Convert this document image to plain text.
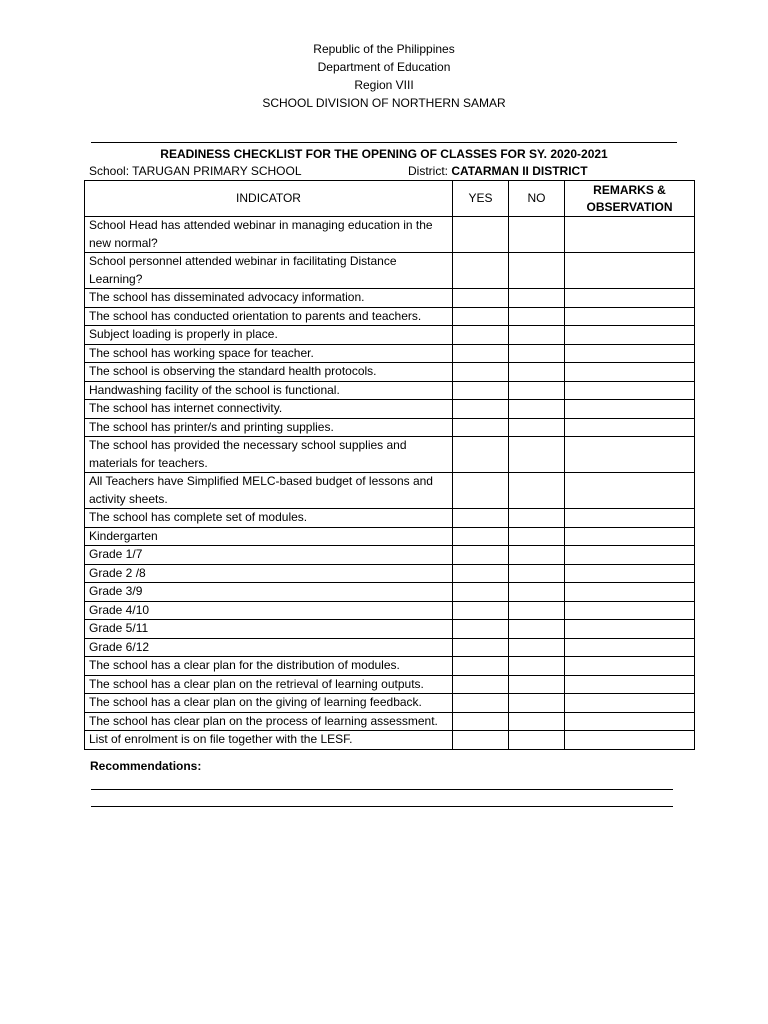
Republic of the Philippines
Department of Education
Region VIII
SCHOOL DIVISION OF NORTHERN SAMAR
READINESS CHECKLIST FOR THE OPENING OF CLASSES FOR SY. 2020-2021
School: TARUGAN PRIMARY SCHOOL	District: CATARMAN II DISTRICT
INDICATOR	YES	NO	REMARKS & OBSERVATION
School Head has attended webinar in managing education in the new normal?			
School personnel attended webinar in facilitating Distance Learning?			
The school has disseminated advocacy information.			
The school has conducted orientation to parents and teachers.			
Subject loading is properly in place.			
The school has working space for teacher.			
The school is observing the standard health protocols.			
Handwashing facility of the school is functional.			
The school has internet connectivity.			
The school has printer/s and printing supplies.			
The school has provided the necessary school supplies and materials for teachers.			
All Teachers have Simplified MELC-based budget of lessons and activity sheets.			
The school has complete set of modules.			
Kindergarten			
Grade 1/7			
Grade 2 /8			
Grade 3/9			
Grade 4/10			
Grade 5/11			
Grade 6/12			
The school has a clear plan for the distribution of modules.			
The school has a clear plan on the retrieval of learning outputs.			
The school has a clear plan on the giving of learning feedback.			
The school has clear plan on the process of learning assessment.			
List of enrolment is on file together with the LESF.			
Recommendations:
